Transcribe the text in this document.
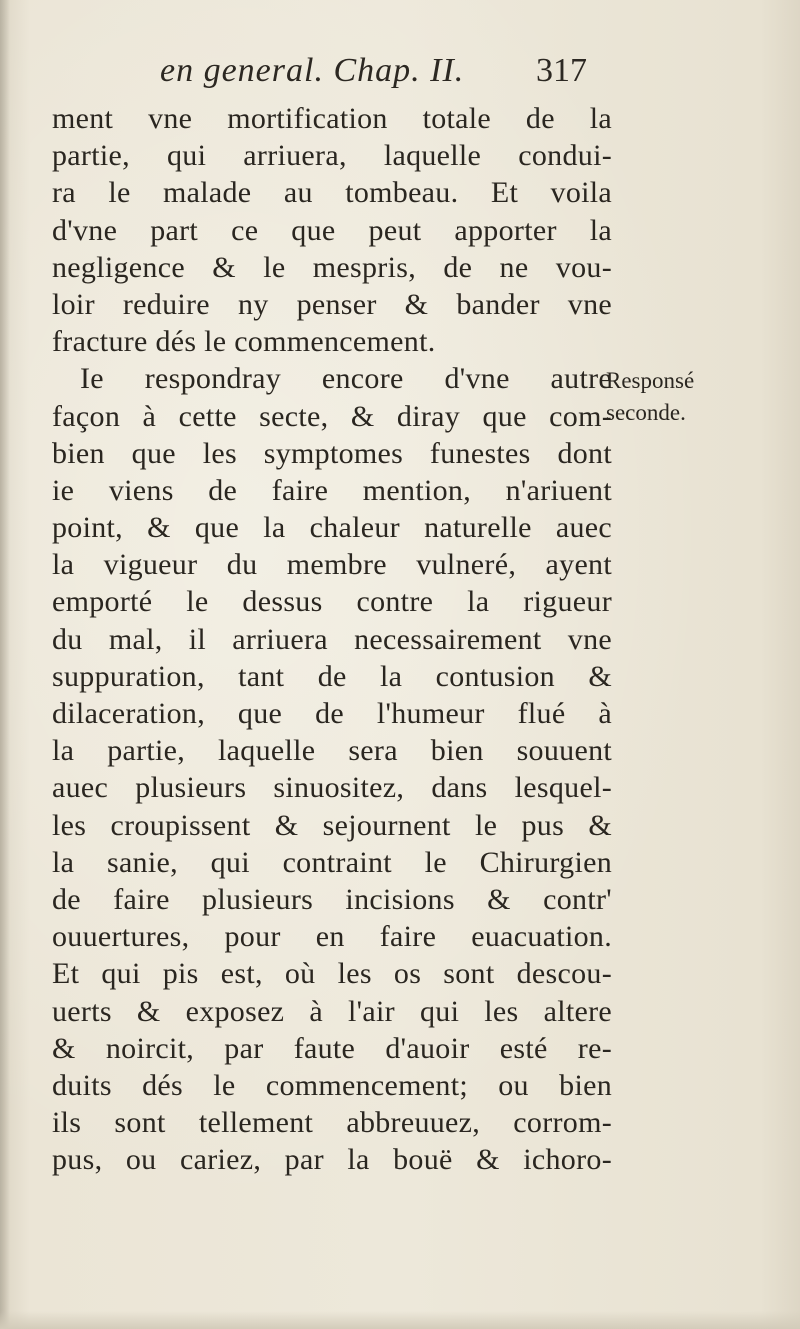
en general. Chap. II. 317
ment vne mortification totale de la
partie, qui arriuera, laquelle condui-
ra le malade au tombeau. Et voila
d'vne part ce que peut apporter la
negligence & le mespris, de ne vou-
loir reduire ny penser & bander vne
fracture dés le commencement.
Ie respondray encore d'vne autre
façon à cette secte, & diray que com-
bien que les symptomes funestes dont
ie viens de faire mention, n'ariuent
point, & que la chaleur naturelle auec
la vigueur du membre vulneré, ayent
emporté le dessus contre la rigueur
du mal, il arriuera necessairement vne
suppuration, tant de la contusion &
dilaceration, que de l'humeur flué à
la partie, laquelle sera bien souuent
auec plusieurs sinuositez, dans lesquel-
les croupissent & sejournent le pus &
la sanie, qui contraint le Chirurgien
de faire plusieurs incisions & contr'
ouuertures, pour en faire euacuation.
Et qui pis est, où les os sont descou-
uerts & exposez à l'air qui les altere
& noircit, par faute d'auoir esté re-
duits dés le commencement; ou bien
ils sont tellement abbreuuez, corrom-
pus, ou cariez, par la bouë & ichoro-
Responsé
seconde.
